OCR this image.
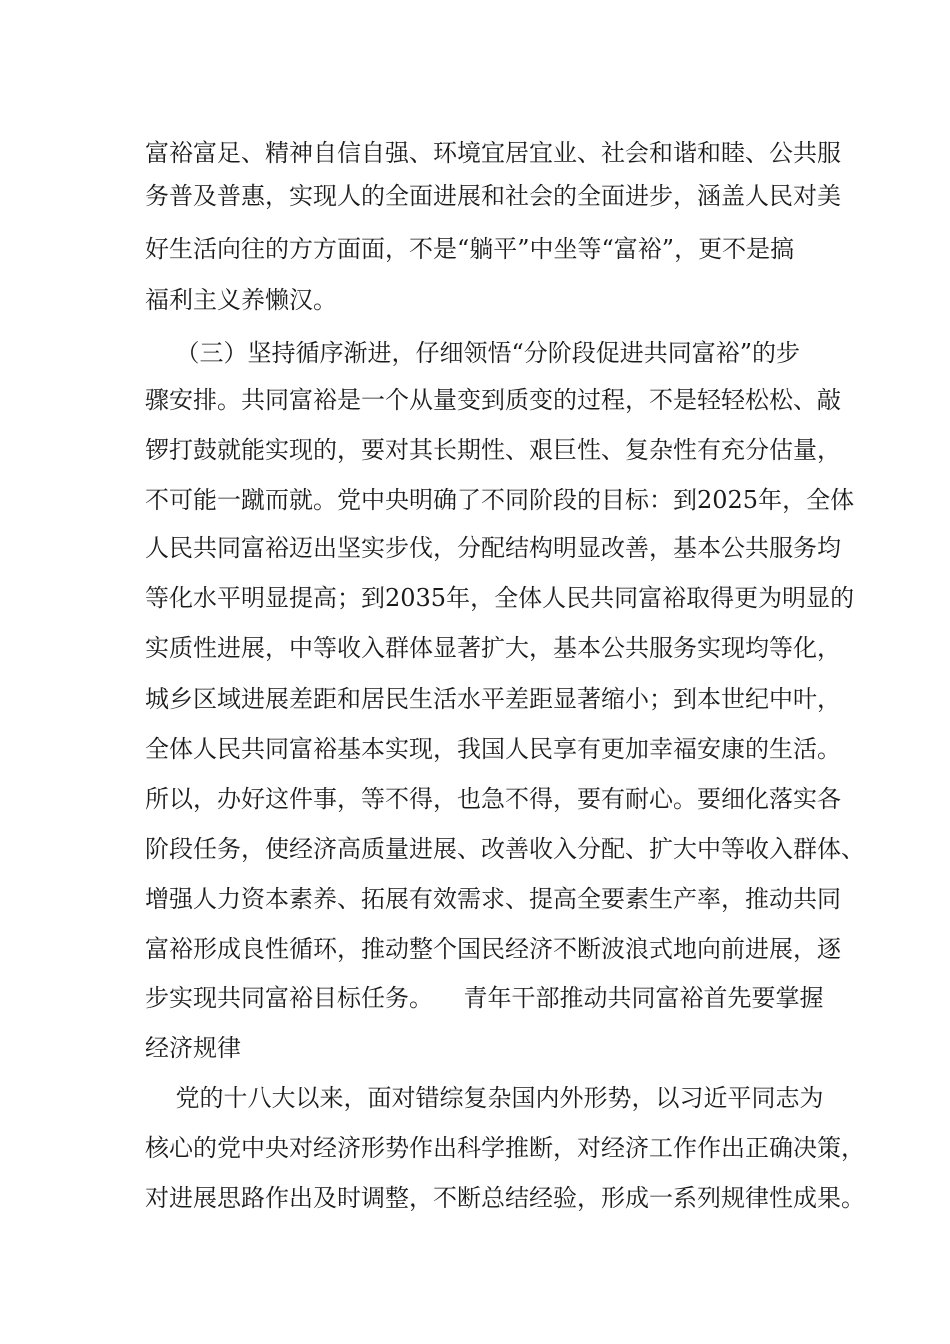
富裕富足、精神自信自强、环境宜居宜业、社会和谐和睦、公共服
务普及普惠，实现人的全面进展和社会的全面进步，涵盖人民对美
好生活向往的方方面面，不是“躺平”中坐等“富裕”，更不是搞
福利主义养懒汉。
（三）坚持循序渐进，仔细领悟“分阶段促进共同富裕”的步
骤安排。共同富裕是一个从量变到质变的过程，不是轻轻松松、敲
锣打鼓就能实现的，要对其长期性、艰巨性、复杂性有充分估量，
不可能一蹴而就。党中央明确了不同阶段的目标：到2025年，全体
人民共同富裕迈出坚实步伐，分配结构明显改善，基本公共服务均
等化水平明显提高；到2035年，全体人民共同富裕取得更为明显的
实质性进展，中等收入群体显著扩大，基本公共服务实现均等化，
城乡区域进展差距和居民生活水平差距显著缩小；到本世纪中叶，
全体人民共同富裕基本实现，我国人民享有更加幸福安康的生活。
所以，办好这件事，等不得，也急不得，要有耐心。要细化落实各
阶段任务，使经济高质量进展、改善收入分配、扩大中等收入群体、
增强人力资本素养、拓展有效需求、提高全要素生产率，推动共同
富裕形成良性循环，推动整个国民经济不断波浪式地向前进展，逐
步实现共同富裕目标任务。    青年干部推动共同富裕首先要掌握
经济规律
党的十八大以来，面对错综复杂国内外形势，以习近平同志为
核心的党中央对经济形势作出科学推断，对经济工作作出正确决策，
对进展思路作出及时调整，不断总结经验，形成一系列规律性成果。
